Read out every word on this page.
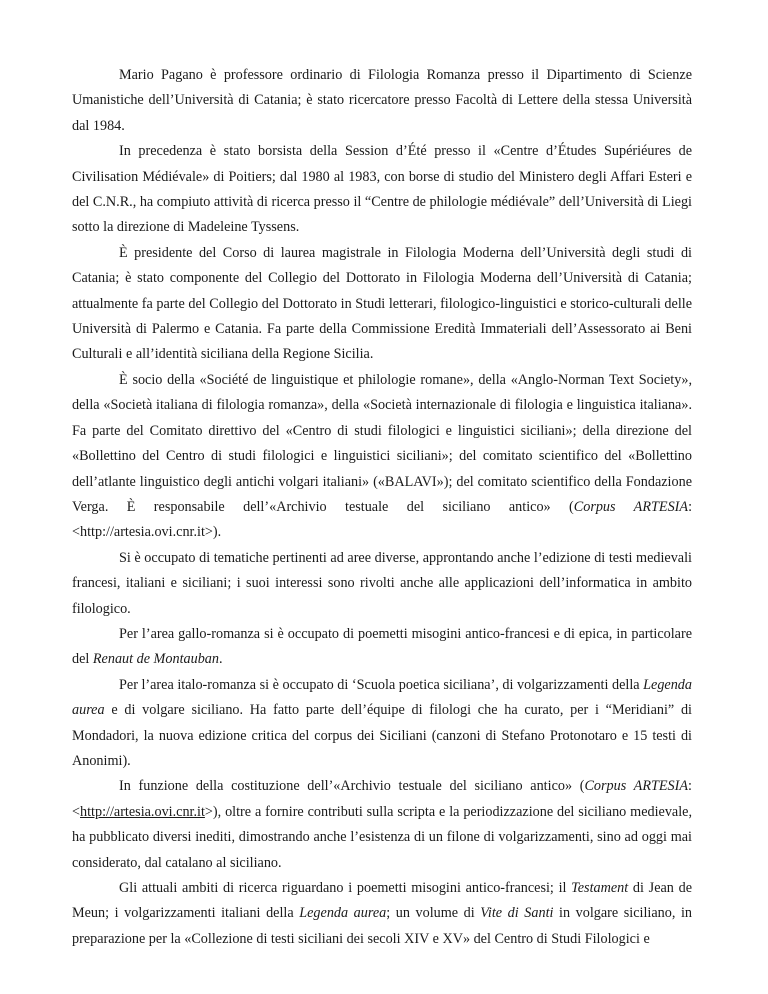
Mario Pagano è professore ordinario di Filologia Romanza presso il Dipartimento di Scienze Umanistiche dell’Università di Catania; è stato ricercatore presso Facoltà di Lettere della stessa Università dal 1984.

In precedenza è stato borsista della Session d’Été presso il «Centre d’Études Supériéures de Civilisation Médiévale» di Poitiers; dal 1980 al 1983, con borse di studio del Ministero degli Affari Esteri e del C.N.R., ha compiuto attività di ricerca presso il “Centre de philologie médiévale” dell’Università di Liegi sotto la direzione di Madeleine Tyssens.

È presidente del Corso di laurea magistrale in Filologia Moderna dell’Università degli studi di Catania; è stato componente del Collegio del Dottorato in Filologia Moderna dell’Università di Catania; attualmente fa parte del Collegio del Dottorato in Studi letterari, filologico-linguistici e storico-culturali delle Università di Palermo e Catania. Fa parte della Commissione Eredità Immateriali dell’Assessorato ai Beni Culturali e all’identità siciliana della Regione Sicilia.

È socio della «Société de linguistique et philologie romane», della «Anglo-Norman Text Society», della «Società italiana di filologia romanza», della «Società internazionale di filologia e linguistica italiana». Fa parte del Comitato direttivo del «Centro di studi filologici e linguistici siciliani»; della direzione del «Bollettino del Centro di studi filologici e linguistici siciliani»; del comitato scientifico del «Bollettino dell’atlante linguistico degli antichi volgari italiani» («BALAVI»); del comitato scientifico della Fondazione Verga. È responsabile dell’«Archivio testuale del siciliano antico» (Corpus ARTESIA: <http://artesia.ovi.cnr.it>).

Si è occupato di tematiche pertinenti ad aree diverse, approntando anche l’edizione di testi medievali francesi, italiani e siciliani; i suoi interessi sono rivolti anche alle applicazioni dell’informatica in ambito filologico.

Per l’area gallo-romanza si è occupato di poemetti misogini antico-francesi e di epica, in particolare del Renaut de Montauban.

Per l’area italo-romanza si è occupato di ‘Scuola poetica siciliana’, di volgarizzamenti della Legenda aurea e di volgare siciliano. Ha fatto parte dell’équipe di filologi che ha curato, per i “Meridiani” di Mondadori, la nuova edizione critica del corpus dei Siciliani (canzoni di Stefano Protonotaro e 15 testi di Anonimi).

In funzione della costituzione dell’«Archivio testuale del siciliano antico» (Corpus ARTESIA: <http://artesia.ovi.cnr.it>), oltre a fornire contributi sulla scripta e la periodizzazione del siciliano medievale, ha pubblicato diversi inediti, dimostrando anche l’esistenza di un filone di volgarizzamenti, sino ad oggi mai considerato, dal catalano al siciliano.

Gli attuali ambiti di ricerca riguardano i poemetti misogini antico-francesi; il Testament di Jean de Meun; i volgarizzamenti italiani della Legenda aurea; un volume di Vite di Santi in volgare siciliano, in preparazione per la «Collezione di testi siciliani dei secoli XIV e XV» del Centro di Studi Filologici e
